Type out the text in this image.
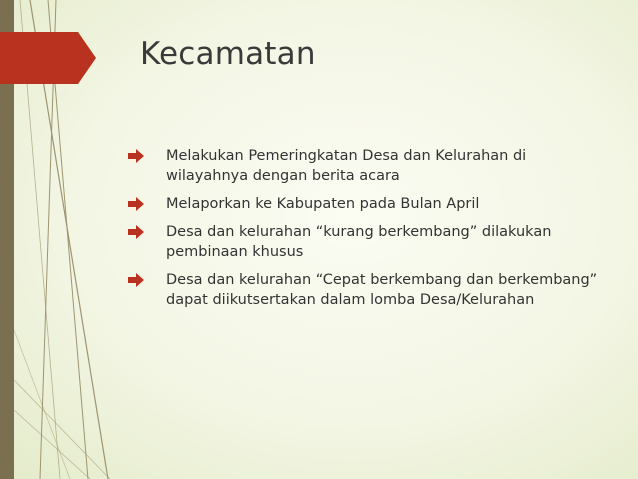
Kecamatan
Melakukan Pemeringkatan Desa dan Kelurahan di wilayahnya dengan berita acara
Melaporkan ke Kabupaten pada Bulan April
Desa dan kelurahan “kurang berkembang” dilakukan pembinaan khusus
Desa dan kelurahan “Cepat berkembang dan berkembang” dapat diikutsertakan dalam lomba Desa/Kelurahan
